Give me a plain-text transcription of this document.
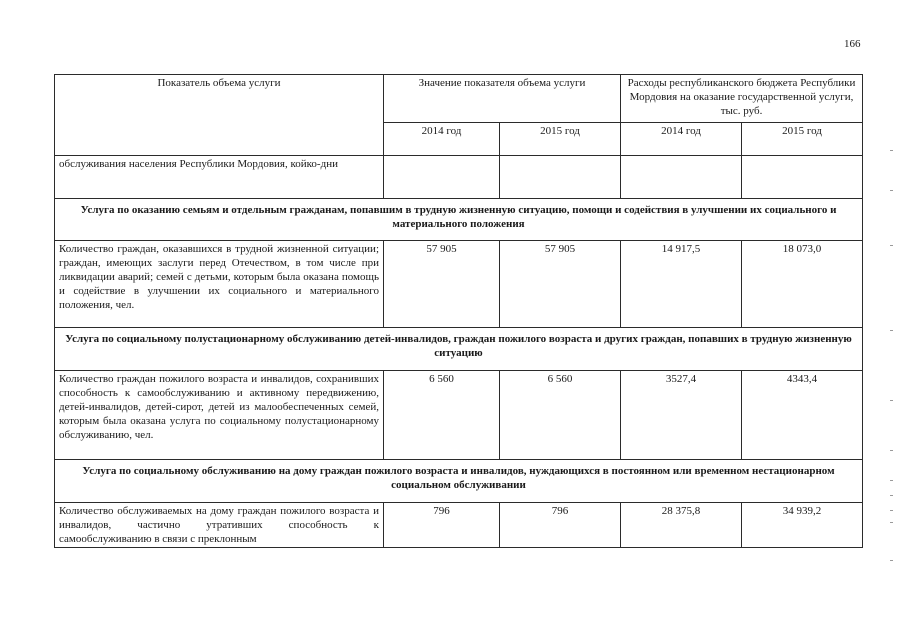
166
Показатель объема услуги	Значение показателя объема услуги		Расходы республиканского бюджета Республики Мордовия на оказание государственной услуги, тыс. руб.	
	2014 год	2015 год	2014 год	2015 год
обслуживания населения Республики Мордовия, койко-дни				
Услуга по оказанию семьям и отдельным гражданам, попавшим в трудную жизненную ситуацию, помощи и содействия в улучшении их социального и материального положения				
Количество граждан, оказавшихся в трудной жизненной ситуации; граждан, имеющих заслуги перед Отечеством, в том числе при ликвидации аварий; семей с детьми, которым была оказана помощь и содействие в улучшении их социального и материального положения, чел.	57 905	57 905	14 917,5	18 073,0
Услуга по социальному полустационарному обслуживанию детей-инвалидов, граждан пожилого возраста и других граждан, попавших в трудную жизненную ситуацию				
Количество граждан пожилого возраста и инвалидов, сохранивших способность к самообслуживанию и активному передвижению, детей-инвалидов, детей-сирот, детей из малообеспеченных семей, которым была оказана услуга по социальному полустационарному обслуживанию, чел.	6 560	6 560	3527,4	4343,4
Услуга по социальному обслуживанию на дому граждан пожилого возраста и инвалидов, нуждающихся в постоянном или временном нестационарном социальном обслуживании				
Количество обслуживаемых на дому граждан пожилого возраста и инвалидов, частично утративших способность к самообслуживанию в связи с преклонным	796	796	28 375,8	34 939,2
